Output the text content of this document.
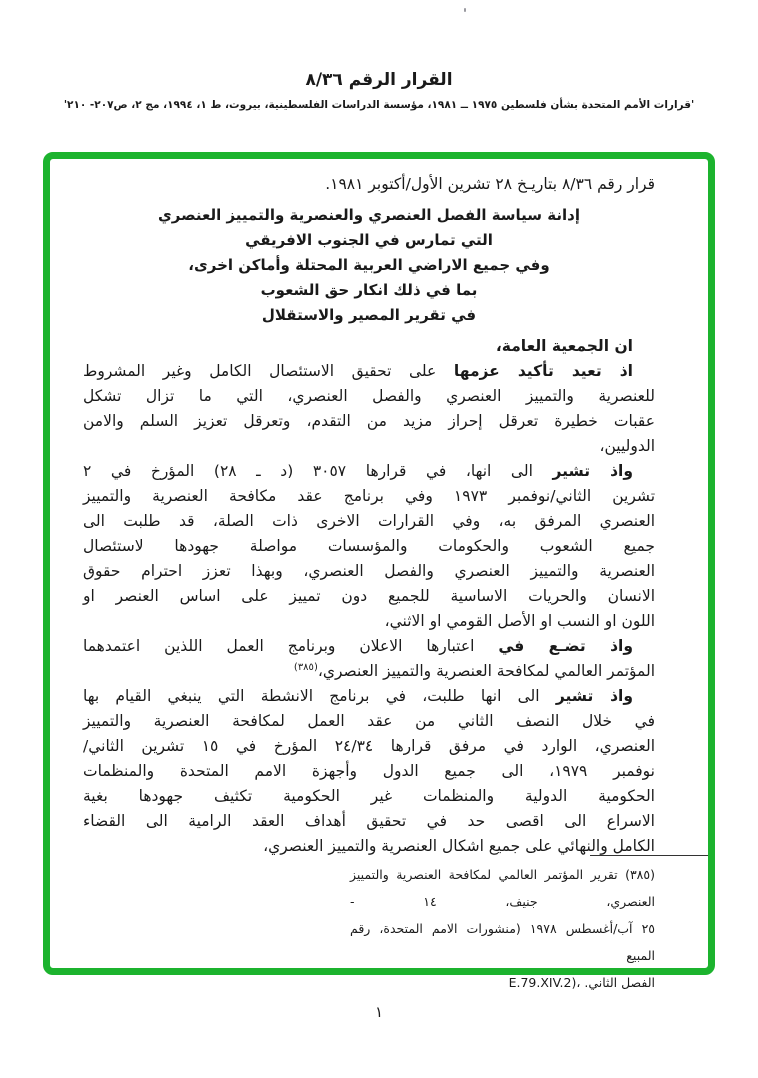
القرار الرقم ٨/٣٦
'قرارات الأمم المتحدة بشأن فلسطين ١٩٧٥ ــ ١٩٨١، مؤسسة الدراسات الفلسطينية، بيروت، ط ١، ١٩٩٤، مج ٢، ص٢٠٧- ٢١٠'
قرار رقم ٨/٣٦ بتاريـخ ٢٨ تشرين الأول/أكتوبر ١٩٨١.
إدانة سياسة الفصل العنصري والعنصرية والتمييز العنصري
التي تمارس في الجنوب الافريقي
وفي جميع الاراضي العربية المحتلة وأماكن اخرى،
بما في ذلك انكار حق الشعوب
في تقرير المصير والاستقلال
ان الجمعية العامة،
اذ تعيد تأكيد عزمها على تحقيق الاستئصال الكامل وغير المشروط
للعنصرية والتمييز العنصري والفصل العنصري، التي ما تزال تشكل
عقبات خطيرة تعرقل إحراز مزيد من التقدم، وتعرقل تعزيز السلم والامن
الدوليين،
واذ تشير الى انها، في قرارها ٣٠٥٧ (د ـ ٢٨) المؤرخ في ٢
تشرين الثاني/نوفمبر ١٩٧٣ وفي برنامج عقد مكافحة العنصرية والتمييز
العنصري المرفق به، وفي القرارات الاخرى ذات الصلة، قد طلبت الى
جميع الشعوب والحكومات والمؤسسات مواصلة جهودها لاستئصال
العنصرية والتمييز العنصري والفصل العنصري، وبهذا تعزز احترام حقوق
الانسان والحريات الاساسية للجميع دون تمييز على اساس العنصر او
اللون او النسب او الأصل القومي او الاثني،
واذ تضـع في اعتبارها الاعلان وبرنامج العمل اللذين اعتمدهما
المؤتمر العالمي لمكافحة العنصرية والتمييز العنصري،$^{(٣٨٥)}$
واذ تشير الى انها طلبت، في برنامج الانشطة التي ينبغي القيام بها
في خلال النصف الثاني من عقد العمل لمكافحة العنصرية والتمييز
العنصري، الوارد في مرفق قرارها ٢٤/٣٤ المؤرخ في ١٥ تشرين الثاني/
نوفمبر ١٩٧٩، الى جميع الدول وأجهزة الامم المتحدة والمنظمات
الحكومية الدولية والمنظمات غير الحكومية تكثيف جهودها بغية
الاسراع الى اقصى حد في تحقيق أهداف العقد الرامية الى القضاء
الكامل والنهائي على جميع اشكال العنصرية والتمييز العنصري،
(٣٨٥) تقرير المؤتمر العالمي لمكافحة العنصرية والتمييز العنصري، جنيف، ١٤ -
٢٥ آب/أغسطس ١٩٧٨ (منشورات الامم المتحدة، رقم المبيع
E.79.XIV.2)، الفصل الثاني.
١
